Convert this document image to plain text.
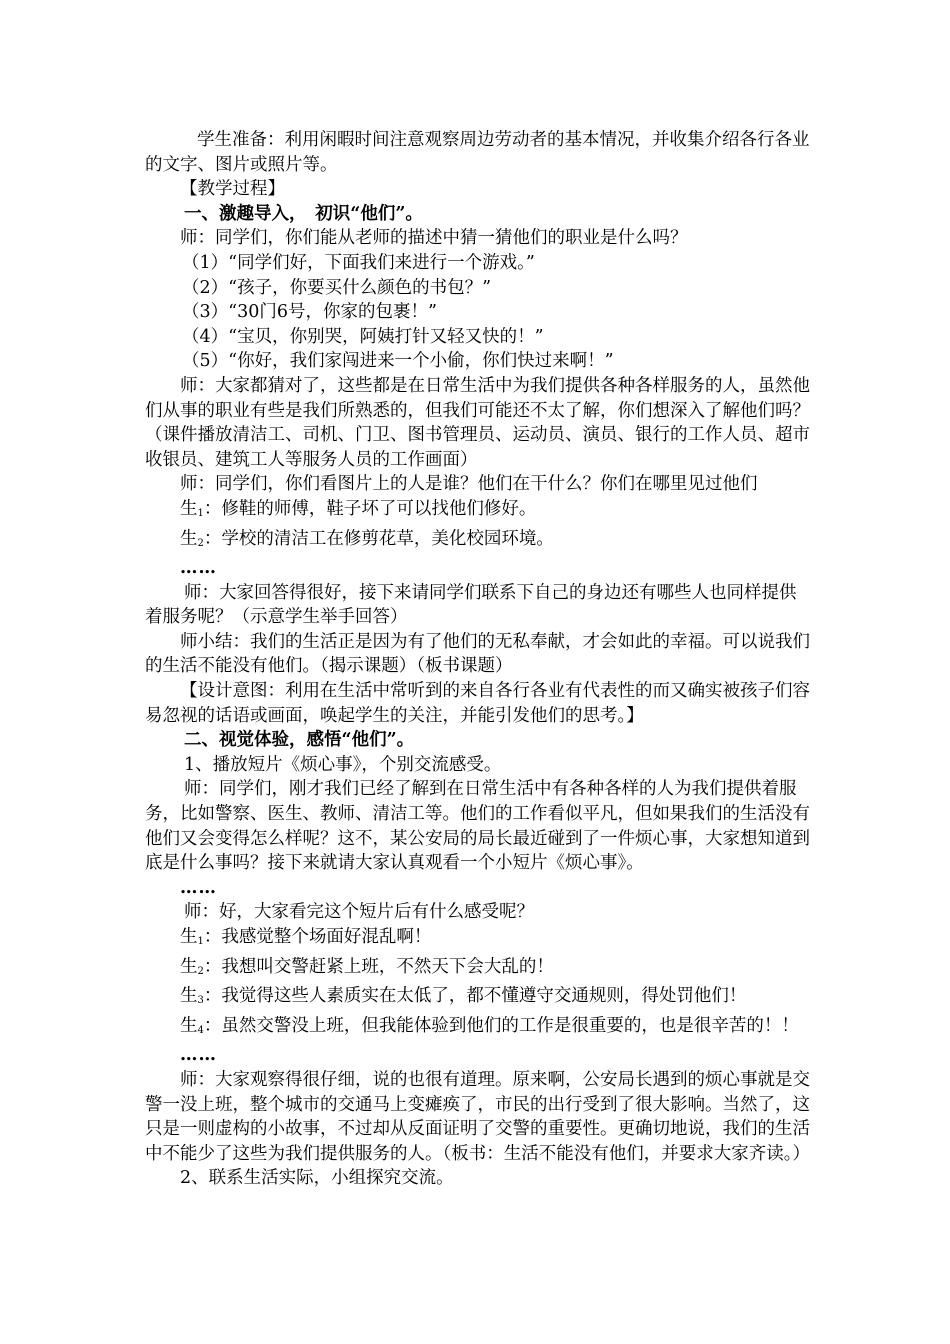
学生准备：利用闲暇时间注意观察周边劳动者的基本情况，并收集介绍各行各业的文字、图片或照片等。

【教学过程】

一、激趣导入，　初识“他们”。

师：同学们，你们能从老师的描述中猜一猜他们的职业是什么吗？

（1）“同学们好，下面我们来进行一个游戏。”

（2）“孩子，你要买什么颜色的书包？”

（3）“30门6号，你家的包裹！”

（4）“宝贝，你别哭，阿姨打针又轻又快的！”

（5）“你好，我们家闯进来一个小偷，你们快过来啊！”

师：大家都猜对了，这些都是在日常生活中为我们提供各种各样服务的人，虽然他们从事的职业有些是我们所熟悉的，但我们可能还不太了解，你们想深入了解他们吗？（课件播放清洁工、司机、门卫、图书管理员、运动员、演员、银行的工作人员、超市收银员、建筑工人等服务人员的工作画面）

师：同学们，你们看图片上的人是谁？他们在干什么？你们在哪里见过他们

生$_1$：修鞋的师傅，鞋子坏了可以找他们修好。

生$_2$：学校的清洁工在修剪花草，美化校园环境。

……

师：大家回答得很好，接下来请同学们联系下自己的身边还有哪些人也同样提供着服务呢？（示意学生举手回答）

师小结：我们的生活正是因为有了他们的无私奉献，才会如此的幸福。可以说我们的生活不能没有他们。（揭示课题）（板书课题）

【设计意图：利用在生活中常听到的来自各行各业有代表性的而又确实被孩子们容易忽视的话语或画面，唤起学生的关注，并能引发他们的思考。】

二、视觉体验，感悟“他们”。

1、播放短片《烦心事》，个别交流感受。

师：同学们，刚才我们已经了解到在日常生活中有各种各样的人为我们提供着服务，比如警察、医生、教师、清洁工等。他们的工作看似平凡，但如果我们的生活没有他们又会变得怎么样呢？这不，某公安局的局长最近碰到了一件烦心事，大家想知道到底是什么事吗？接下来就请大家认真观看一个小短片《烦心事》。

……

师：好，大家看完这个短片后有什么感受呢？

生$_1$：我感觉整个场面好混乱啊！

生$_2$：我想叫交警赶紧上班，不然天下会大乱的！

生$_3$：我觉得这些人素质实在太低了，都不懂遵守交通规则，得处罚他们！

生$_4$：虽然交警没上班，但我能体验到他们的工作是很重要的，也是很辛苦的！！

……

师：大家观察得很仔细，说的也很有道理。原来啊，公安局长遇到的烦心事就是交警一没上班，整个城市的交通马上变瘫痪了，市民的出行受到了很大影响。当然了，这只是一则虚构的小故事，不过却从反面证明了交警的重要性。更确切地说，我们的生活中不能少了这些为我们提供服务的人。（板书：生活不能没有他们，并要求大家齐读。）

2、联系生活实际，小组探究交流。
